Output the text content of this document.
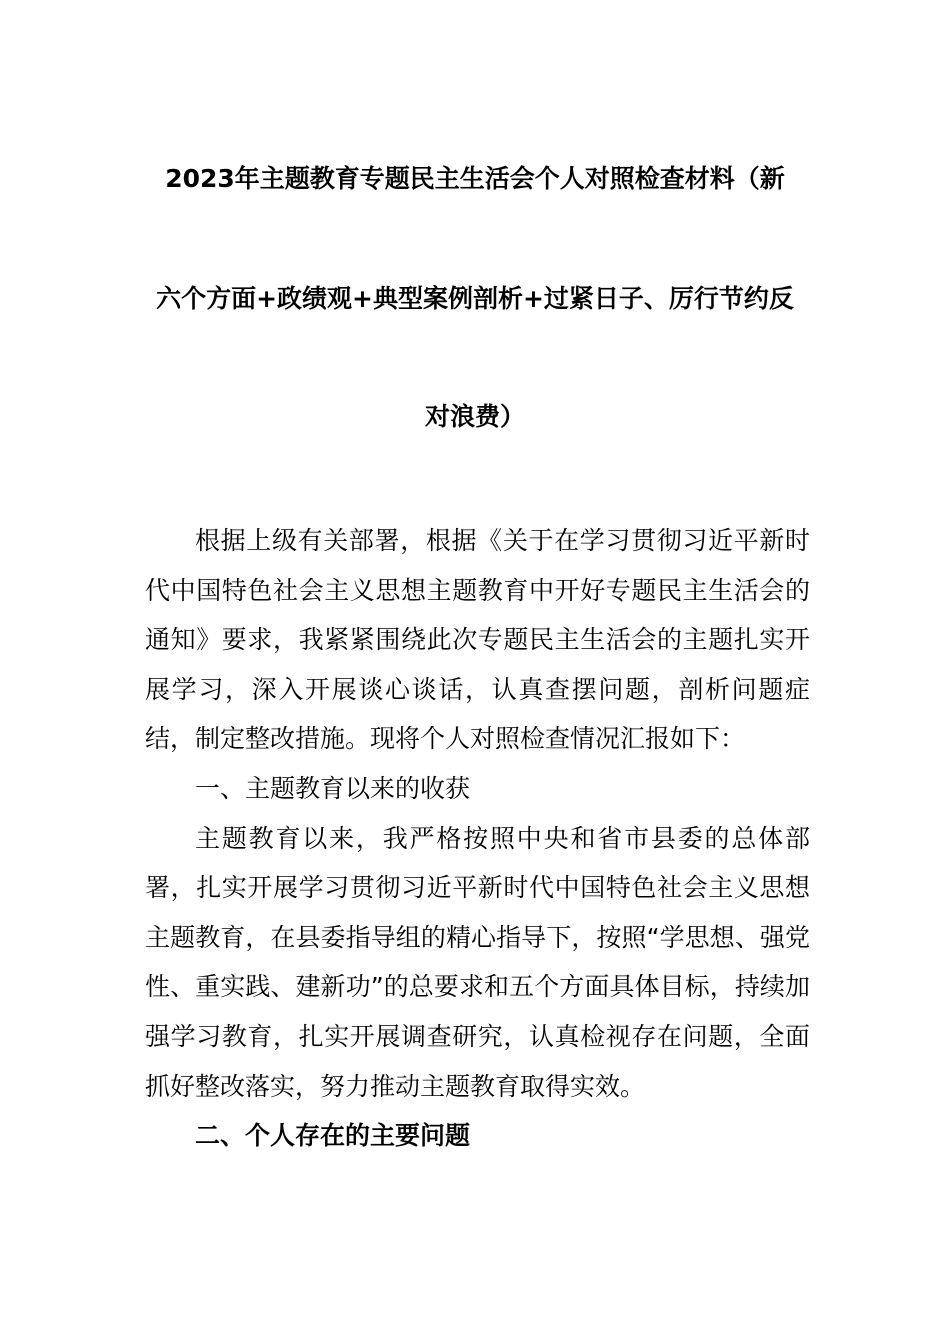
2023年主题教育专题民主生活会个人对照检查材料（新
六个方面+政绩观+典型案例剖析+过紧日子、厉行节约反
对浪费）

根据上级有关部署，根据《关于在学习贯彻习近平新时代中国特色社会主义思想主题教育中开好专题民主生活会的通知》要求，我紧紧围绕此次专题民主生活会的主题扎实开展学习，深入开展谈心谈话，认真查摆问题，剖析问题症结，制定整改措施。现将个人对照检查情况汇报如下：

一、主题教育以来的收获

主题教育以来，我严格按照中央和省市县委的总体部署，扎实开展学习贯彻习近平新时代中国特色社会主义思想主题教育，在县委指导组的精心指导下，按照“学思想、强党性、重实践、建新功”的总要求和五个方面具体目标，持续加强学习教育，扎实开展调查研究，认真检视存在问题，全面抓好整改落实，努力推动主题教育取得实效。

二、个人存在的主要问题
